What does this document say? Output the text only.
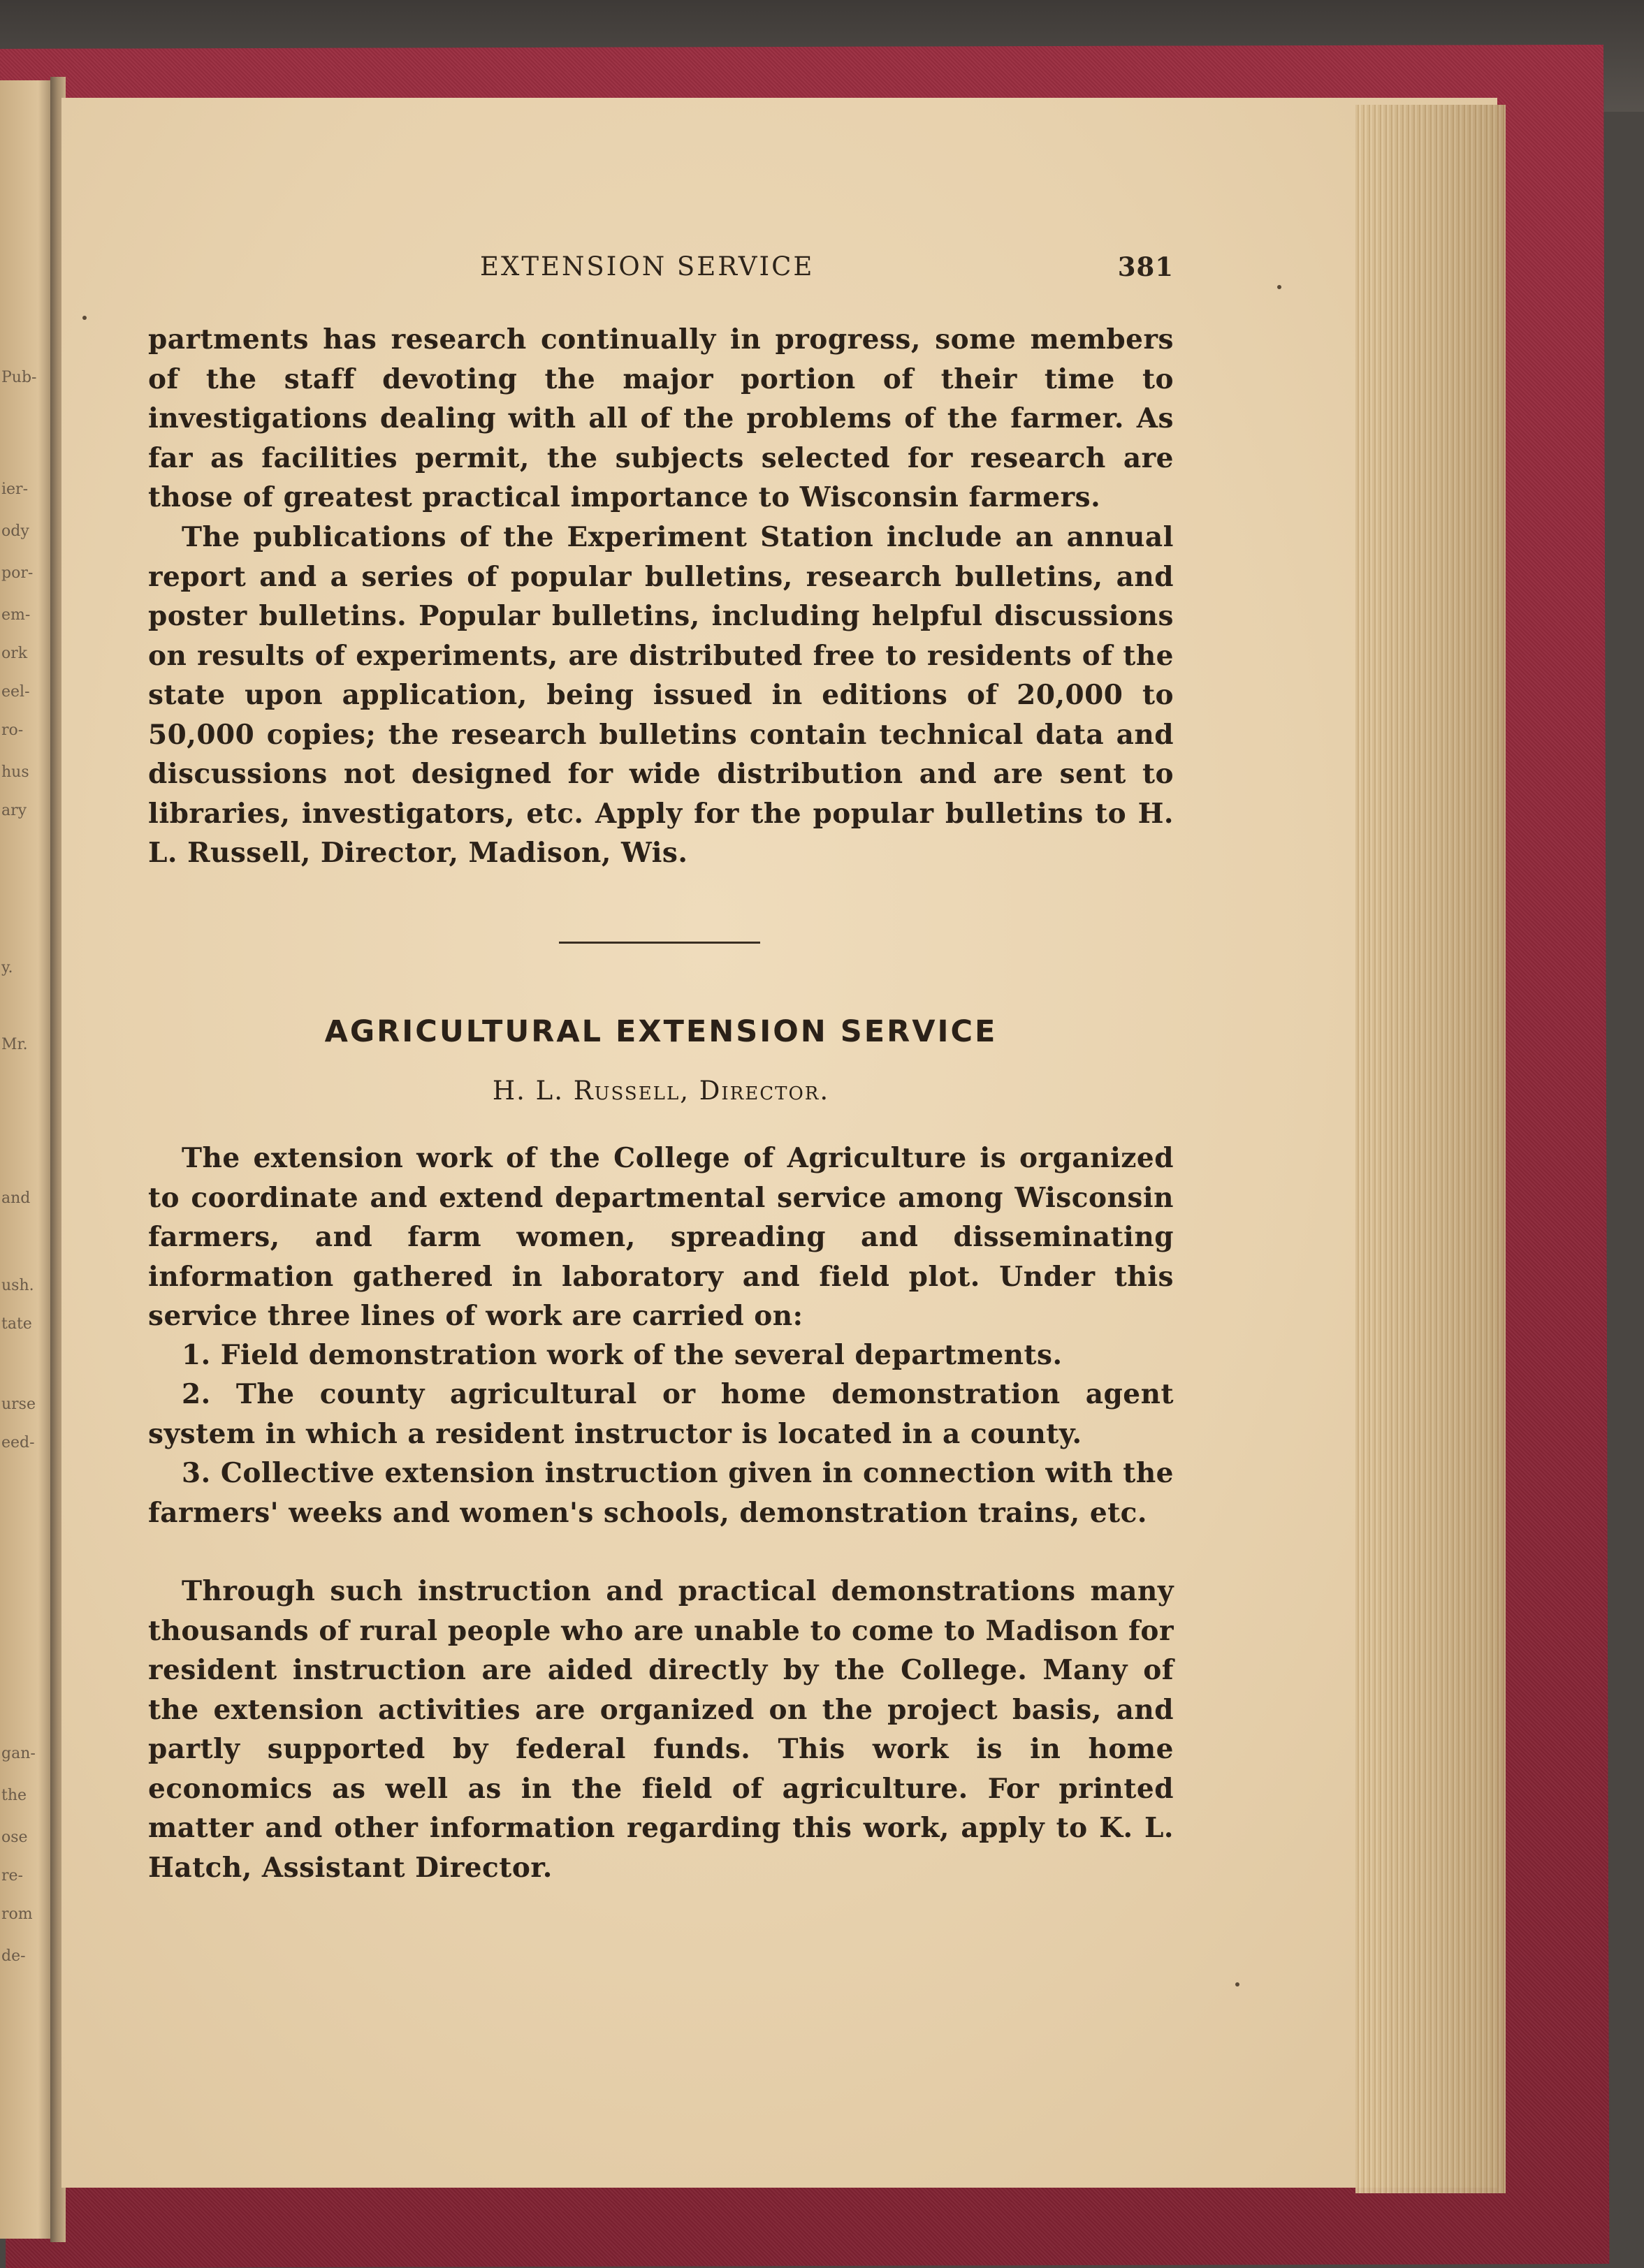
Pub-
ier-
ody
por-
em-
ork
eel-
ro-
hus
ary
y.
Mr.
and
ush.
tate
urse
eed-
gan-
the
ose
re-
rom
de-
EXTENSION SERVICE	381

partments has research continually in progress, some members of the staff devoting the major portion of their time to investigations dealing with all of the problems of the farmer. As far as facilities permit, the subjects selected for research are those of greatest practical importance to Wisconsin farmers.

The publications of the Experiment Station include an annual report and a series of popular bulletins, research bulletins, and poster bulletins. Popular bulletins, including helpful discussions on results of experiments, are distributed free to residents of the state upon application, being issued in editions of 20,000 to 50,000 copies; the research bulletins contain technical data and discussions not designed for wide distribution and are sent to libraries, investigators, etc. Apply for the popular bulletins to H. L. Russell, Director, Madison, Wis.

AGRICULTURAL EXTENSION SERVICE
H. L. Russell, Director.

The extension work of the College of Agriculture is organized to coordinate and extend departmental service among Wisconsin farmers, and farm women, spreading and disseminating information gathered in laboratory and field plot. Under this service three lines of work are carried on:

1. Field demonstration work of the several departments.

2. The county agricultural or home demonstration agent system in which a resident instructor is located in a county.

3. Collective extension instruction given in connection with the farmers' weeks and women's schools, demonstration trains, etc.

Through such instruction and practical demonstrations many thousands of rural people who are unable to come to Madison for resident instruction are aided directly by the College. Many of the extension activities are organized on the project basis, and partly supported by federal funds. This work is in home economics as well as in the field of agriculture. For printed matter and other information regarding this work, apply to K. L. Hatch, Assistant Director.
